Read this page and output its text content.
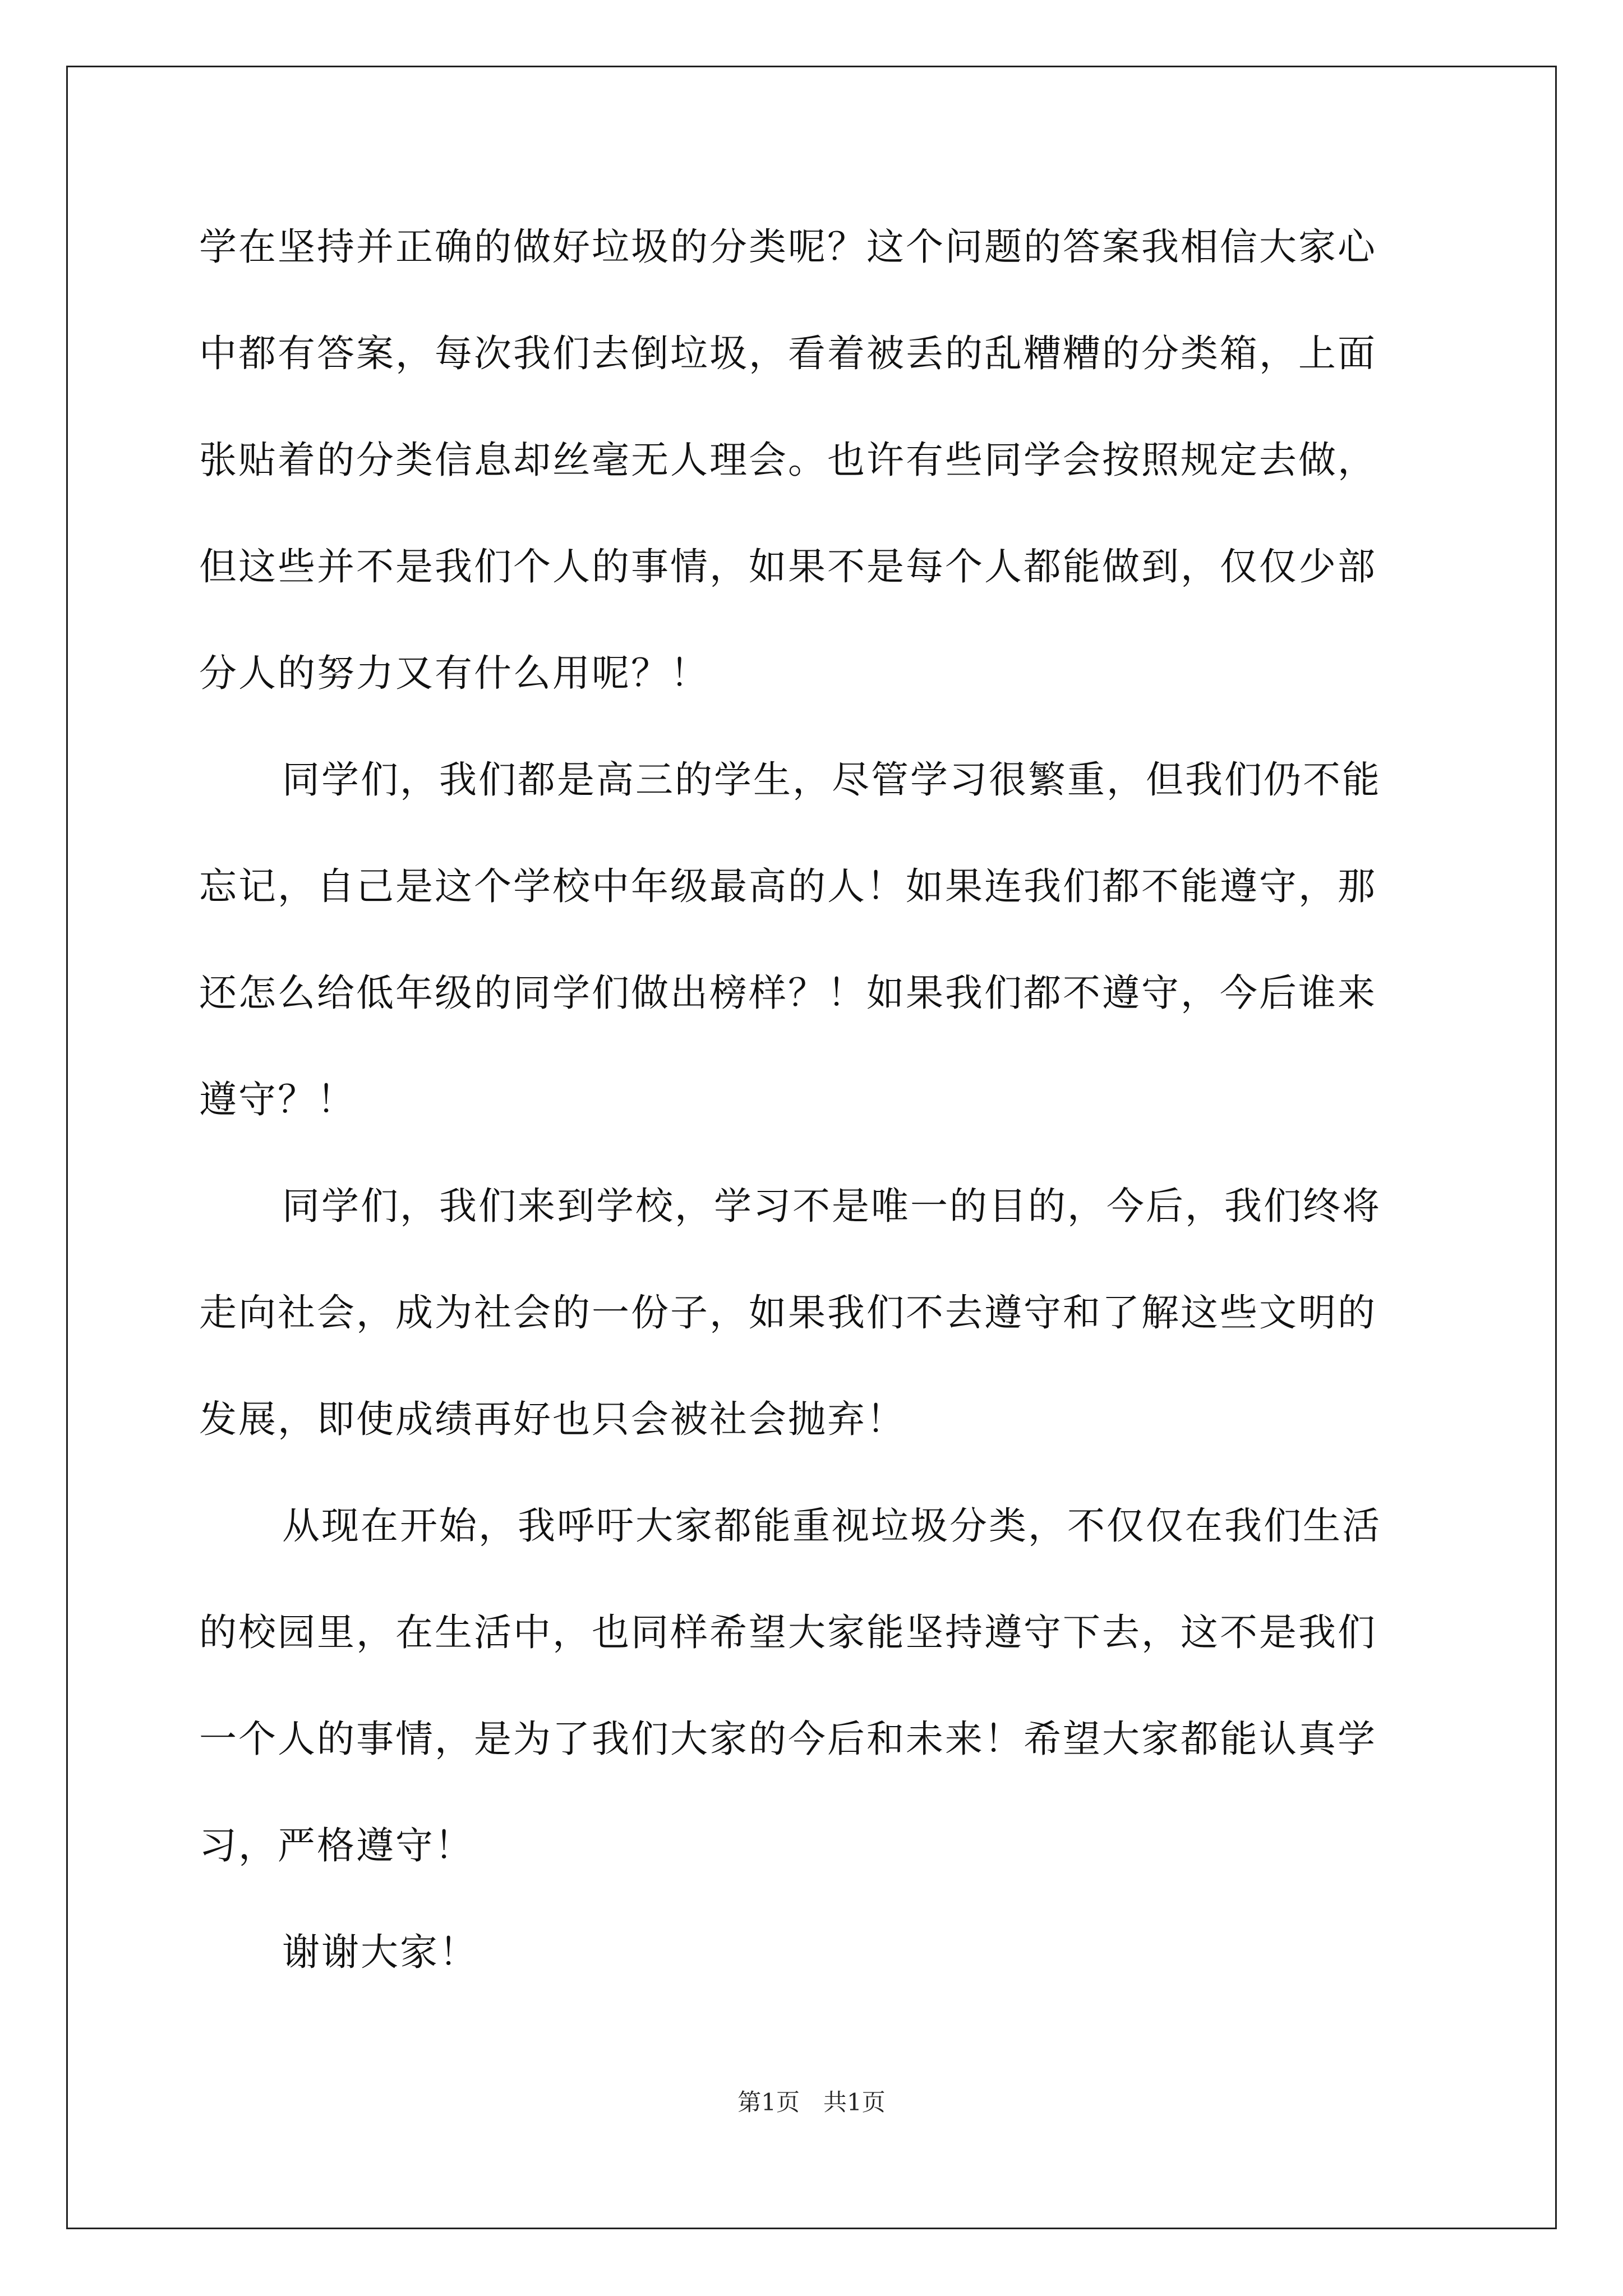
学在坚持并正确的做好垃圾的分类呢？这个问题的答案我相信大家心
中都有答案，每次我们去倒垃圾，看着被丢的乱糟糟的分类箱，上面
张贴着的分类信息却丝毫无人理会。也许有些同学会按照规定去做，
但这些并不是我们个人的事情，如果不是每个人都能做到，仅仅少部
分人的努力又有什么用呢？！
同学们，我们都是高三的学生，尽管学习很繁重，但我们仍不能
忘记，自己是这个学校中年级最高的人！如果连我们都不能遵守，那
还怎么给低年级的同学们做出榜样？！如果我们都不遵守，今后谁来
遵守？！
同学们，我们来到学校，学习不是唯一的目的，今后，我们终将
走向社会，成为社会的一份子，如果我们不去遵守和了解这些文明的
发展，即使成绩再好也只会被社会抛弃！
从现在开始，我呼吁大家都能重视垃圾分类，不仅仅在我们生活
的校园里，在生活中，也同样希望大家能坚持遵守下去，这不是我们
一个人的事情，是为了我们大家的今后和未来！希望大家都能认真学
习，严格遵守！
谢谢大家！
第1页　共1页
